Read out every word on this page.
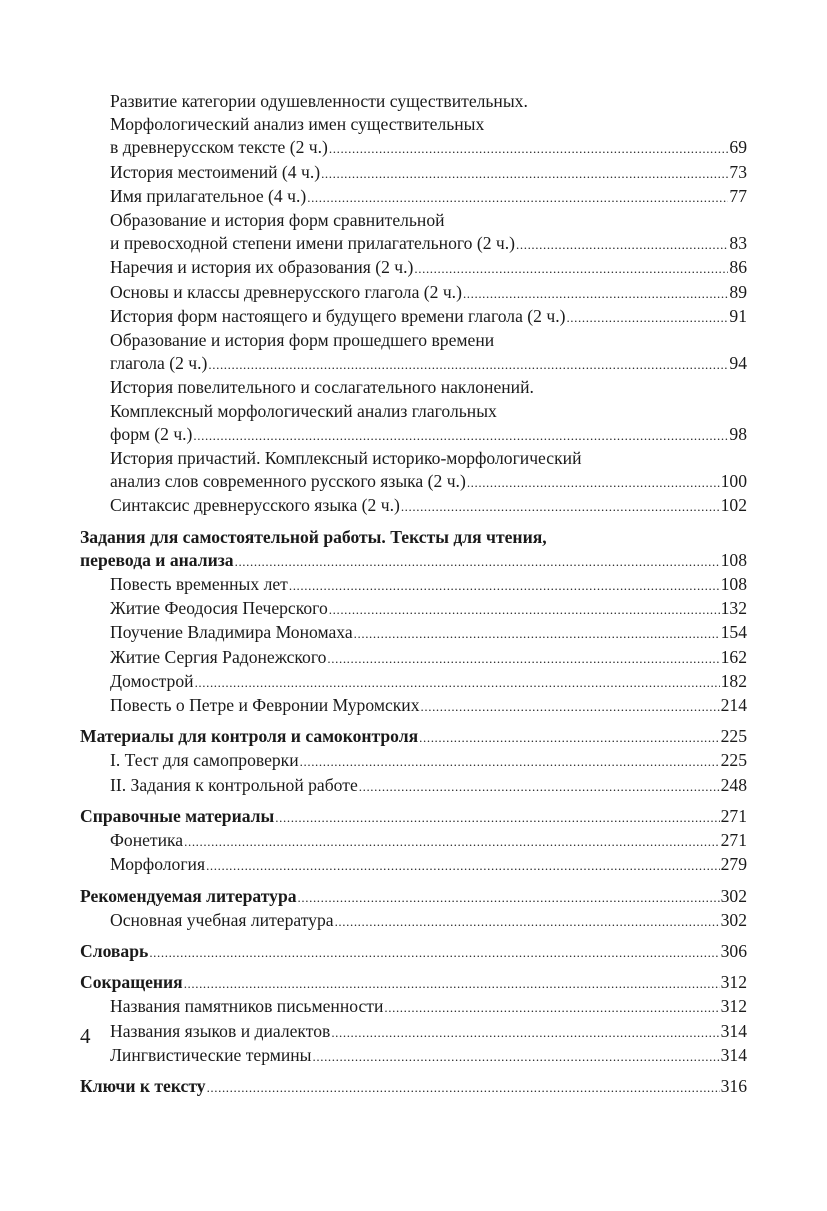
Развитие категории одушевленности существительных.
Морфологический анализ имен существительных
в древнерусском тексте (2 ч.) .....	69
История местоимений (4 ч.) .....	73
Имя прилагательное (4 ч.) .....	77
Образование и история форм сравнительной
и превосходной степени имени прилагательного (2 ч.) .....	83
Наречия и история их образования (2 ч.) .....	86
Основы и классы древнерусского глагола (2 ч.) .....	89
История форм настоящего и будущего времени глагола (2 ч.) .....	91
Образование и история форм прошедшего времени
глагола (2 ч.) .....	94
История повелительного и сослагательного наклонений.
Комплексный морфологический анализ глагольных
форм (2 ч.) .....	98
История причастий. Комплексный историко-морфологический
анализ слов современного русского языка (2 ч.) .....	100
Синтаксис древнерусского языка (2 ч.) .....	102
Задания для самостоятельной работы. Тексты для чтения,
перевода и анализа .....	108
Повесть временных лет .....	108
Житие Феодосия Печерского .....	132
Поучение Владимира Мономаха .....	154
Житие Сергия Радонежского .....	162
Домострой .....	182
Повесть о Петре и Февронии Муромских .....	214
Материалы для контроля и самоконтроля .....	225
I. Тест для самопроверки .....	225
II. Задания к контрольной работе .....	248
Справочные материалы .....	271
Фонетика .....	271
Морфология .....	279
Рекомендуемая литература .....	302
Основная учебная литература .....	302
Словарь .....	306
Сокращения .....	312
Названия памятников письменности .....	312
Названия языков и диалектов .....	314
Лингвистические термины .....	314
Ключи к тексту .....	316
4
